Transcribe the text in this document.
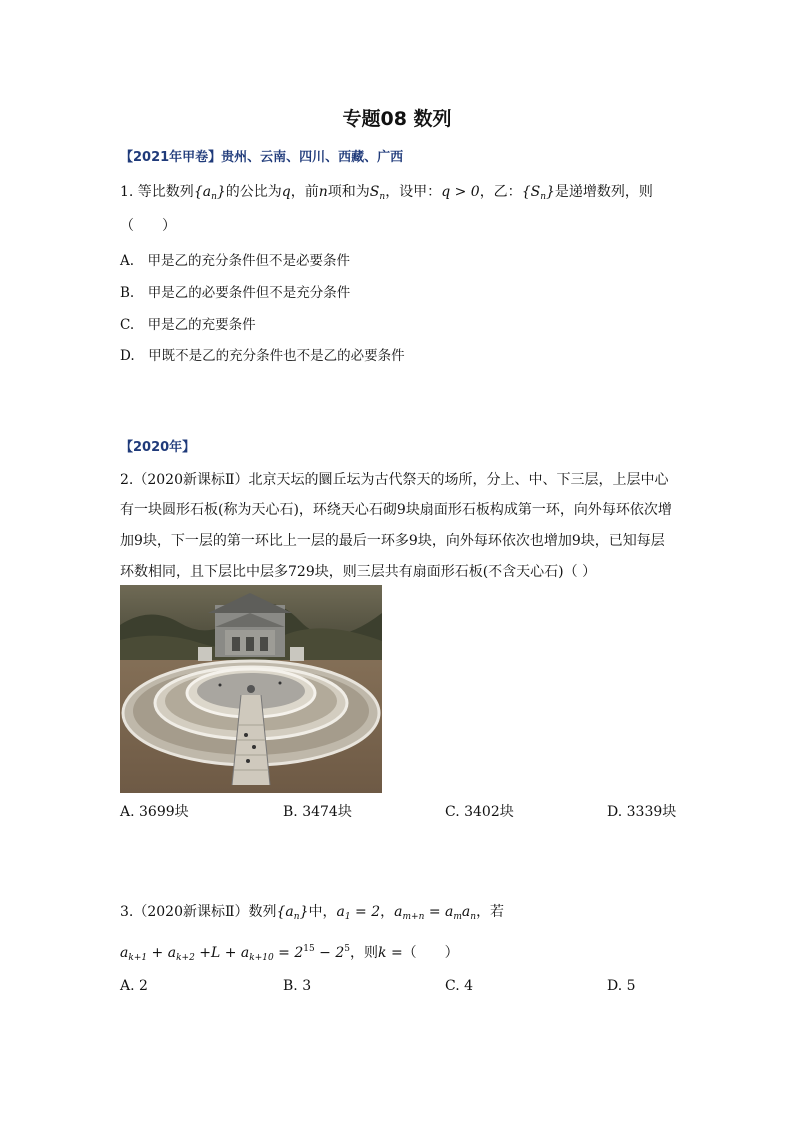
专题08 数列
【2021年甲卷】贵州、云南、四川、西藏、广西
1. 等比数列$\{a_n\}$的公比为q，前n项和为$S_n$，设甲：q > 0，乙：$\{S_n\}$是递增数列，则
（　　）
A.　甲是乙的充分条件但不是必要条件
B.　甲是乙的必要条件但不是充分条件
C.　甲是乙的充要条件
D.　甲既不是乙的充分条件也不是乙的必要条件
【2020年】
2.（2020新课标Ⅱ）北京天坛的圜丘坛为古代祭天的场所，分上、中、下三层，上层中心
有一块圆形石板(称为天心石)，环绕天心石砌9块扇面形石板构成第一环，向外每环依次增
加9块，下一层的第一环比上一层的最后一环多9块，向外每环依次也增加9块，已知每层
环数相同，且下层比中层多729块，则三层共有扇面形石板(不含天心石)（ ）
A. 3699块	B. 3474块	C. 3402块	D. 3339块
3.（2020新课标Ⅱ）数列$\{a_n\}$中，$a_1 = 2$，$a_{m+n} = a_ma_n$，若
$a_{k+1} + a_{k+2} +L + a_{k+10} = 2^{15} - 2^5$，则k =（　　）
A. 2	B. 3	C. 4	D. 5
